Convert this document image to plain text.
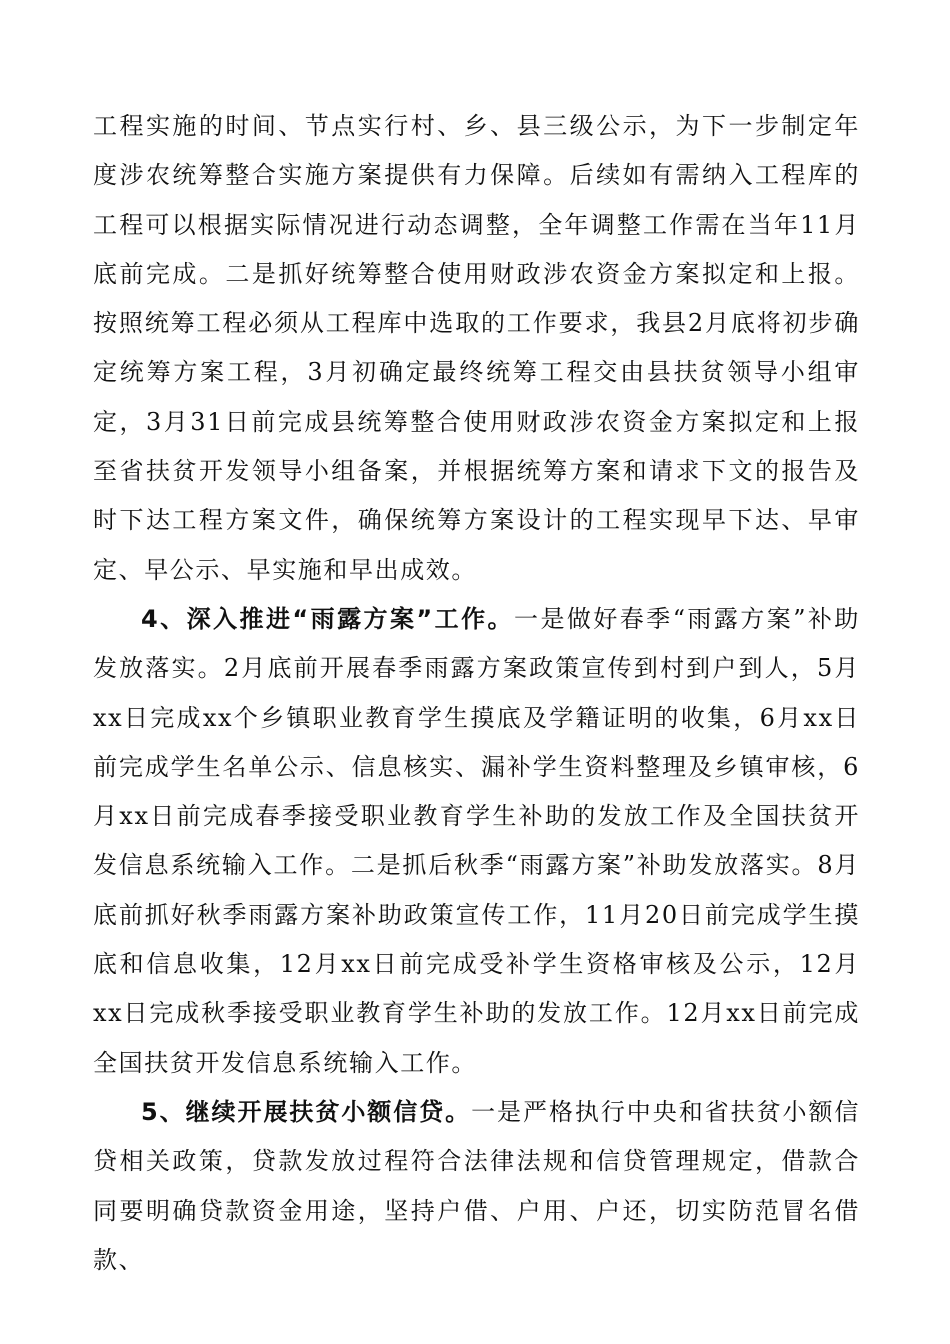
工程实施的时间、节点实行村、乡、县三级公示，为下一步制定年度涉农统筹整合实施方案提供有力保障。后续如有需纳入工程库的工程可以根据实际情况进行动态调整，全年调整工作需在当年11月底前完成。二是抓好统筹整合使用财政涉农资金方案拟定和上报。按照统筹工程必须从工程库中选取的工作要求，我县2月底将初步确定统筹方案工程，3月初确定最终统筹工程交由县扶贫领导小组审定，3月31日前完成县统筹整合使用财政涉农资金方案拟定和上报至省扶贫开发领导小组备案，并根据统筹方案和请求下文的报告及时下达工程方案文件，确保统筹方案设计的工程实现早下达、早审定、早公示、早实施和早出成效。

4、深入推进“雨露方案”工作。一是做好春季“雨露方案”补助发放落实。2月底前开展春季雨露方案政策宣传到村到户到人，5月xx日完成xx个乡镇职业教育学生摸底及学籍证明的收集，6月xx日前完成学生名单公示、信息核实、漏补学生资料整理及乡镇审核，6月xx日前完成春季接受职业教育学生补助的发放工作及全国扶贫开发信息系统输入工作。二是抓后秋季“雨露方案”补助发放落实。8月底前抓好秋季雨露方案补助政策宣传工作，11月20日前完成学生摸底和信息收集，12月xx日前完成受补学生资格审核及公示，12月xx日完成秋季接受职业教育学生补助的发放工作。12月xx日前完成全国扶贫开发信息系统输入工作。

5、继续开展扶贫小额信贷。一是严格执行中央和省扶贫小额信贷相关政策，贷款发放过程符合法律法规和信贷管理规定，借款合同要明确贷款资金用途，坚持户借、户用、户还，切实防范冒名借款、
